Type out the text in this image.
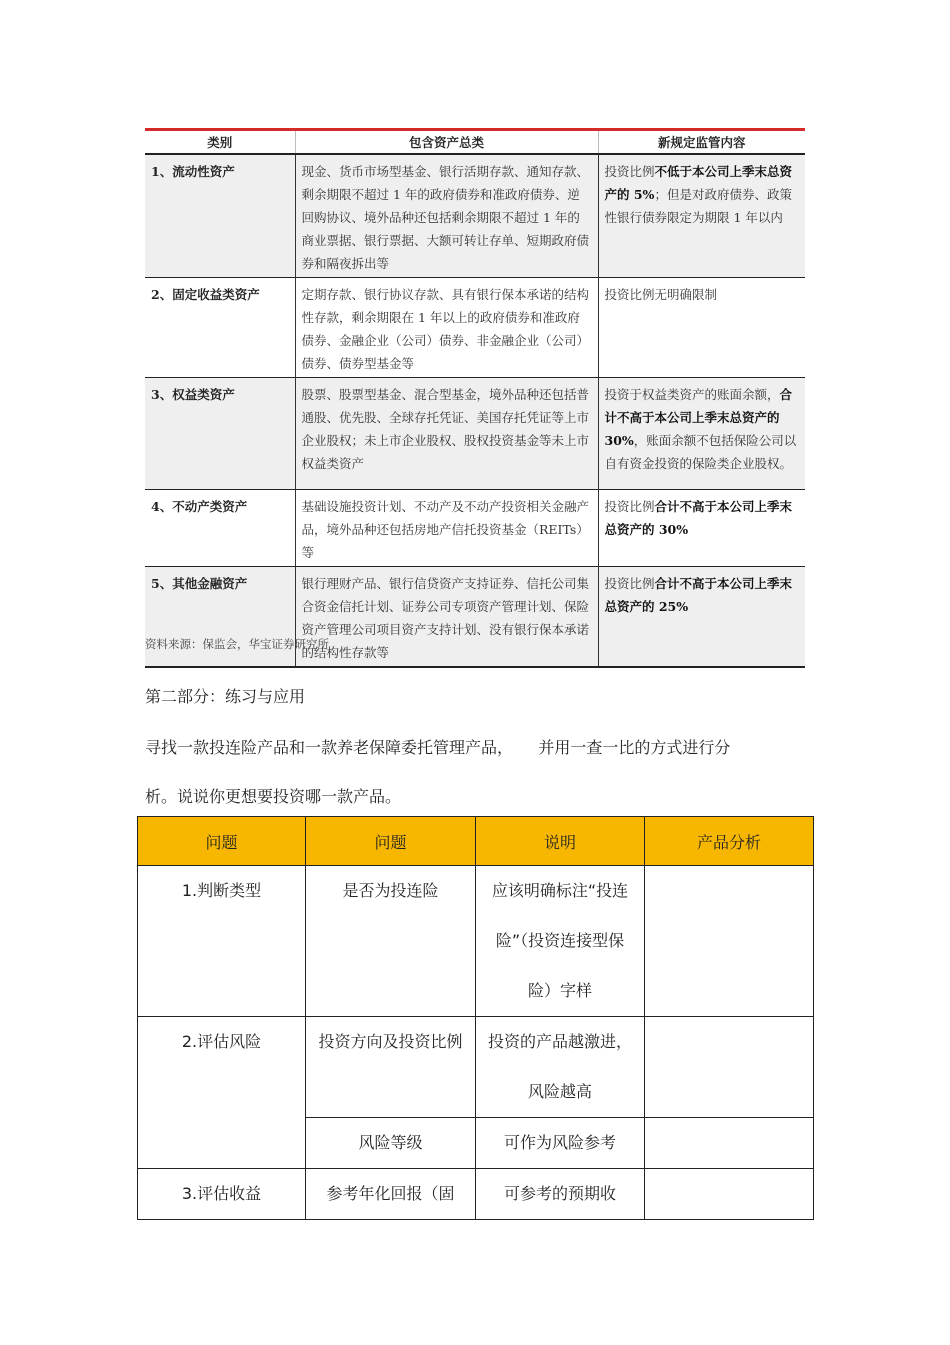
类别	包含资产总类	新规定监管内容
1、流动性资产	现金、货币市场型基金、银行活期存款、通知存款、剩余期限不超过 1 年的政府债券和准政府债券、逆回购协议、境外品种还包括剩余期限不超过 1 年的商业票据、银行票据、大额可转让存单、短期政府债券和隔夜拆出等	投资比例不低于本公司上季末总资产的 5%；但是对政府债券、政策性银行债券限定为期限 1 年以内
2、固定收益类资产	定期存款、银行协议存款、具有银行保本承诺的结构性存款，剩余期限在 1 年以上的政府债券和准政府债券、金融企业（公司）债券、非金融企业（公司）债券、债券型基金等	投资比例无明确限制
3、权益类资产	股票、股票型基金、混合型基金，境外品种还包括普通股、优先股、全球存托凭证、美国存托凭证等上市企业股权；未上市企业股权、股权投资基金等未上市权益类资产	投资于权益类资产的账面余额，合计不高于本公司上季末总资产的 30%，账面余额不包括保险公司以自有资金投资的保险类企业股权。
4、不动产类资产	基础设施投资计划、不动产及不动产投资相关金融产品，境外品种还包括房地产信托投资基金（REITs）等	投资比例合计不高于本公司上季末总资产的 30%
5、其他金融资产	银行理财产品、银行信贷资产支持证券、信托公司集合资金信托计划、证券公司专项资产管理计划、保险资产管理公司项目资产支持计划、没有银行保本承诺的结构性存款等	投资比例合计不高于本公司上季末总资产的 25%
资料来源：保监会，华宝证券研究所
第二部分：练习与应用
寻找一款投连险产品和一款养老保障委托管理产品，     并用一查一比的方式进行分
析。说说你更想要投资哪一款产品。
问题	问题	说明	产品分析
1.判断类型	是否为投连险	应该明确标注“投连险”（投资连接型保险）字样	
2.评估风险	投资方向及投资比例	投资的产品越激进，风险越高	
	风险等级	可作为风险参考	
3.评估收益	参考年化回报（固	可参考的预期收	
